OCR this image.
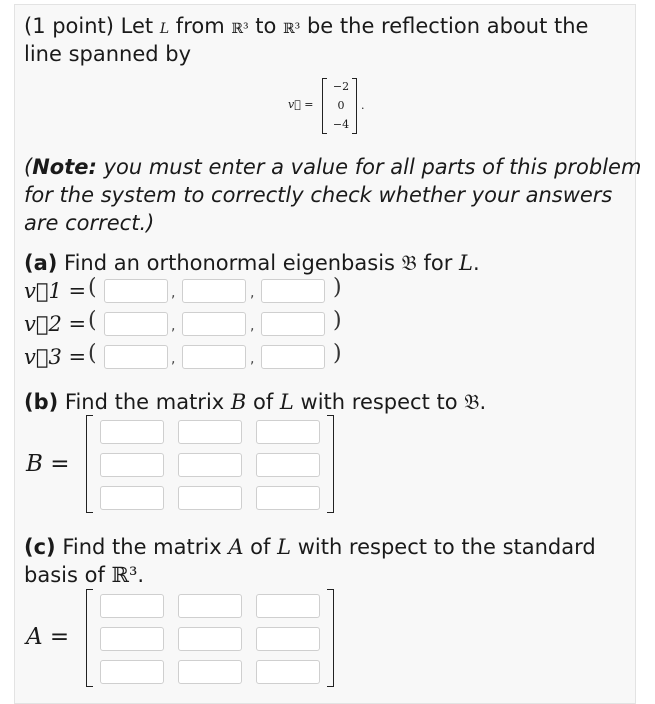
(1 point) Let L from ℝ³ to ℝ³ be the reflection about the
line spanned by
v⃗ =
−2
0
−4
.
(Note: you must enter a value for all parts of this problem
for the system to correctly check whether your answers
are correct.)
(a) Find an orthonormal eigenbasis 𝔅 for L.
v⃗1 = (	,	,	)
v⃗2 = (	,	,	)
v⃗3 = (	,	,	)
(b) Find the matrix B of L with respect to 𝔅.
B =
(c) Find the matrix A of L with respect to the standard
basis of ℝ³.
A =
